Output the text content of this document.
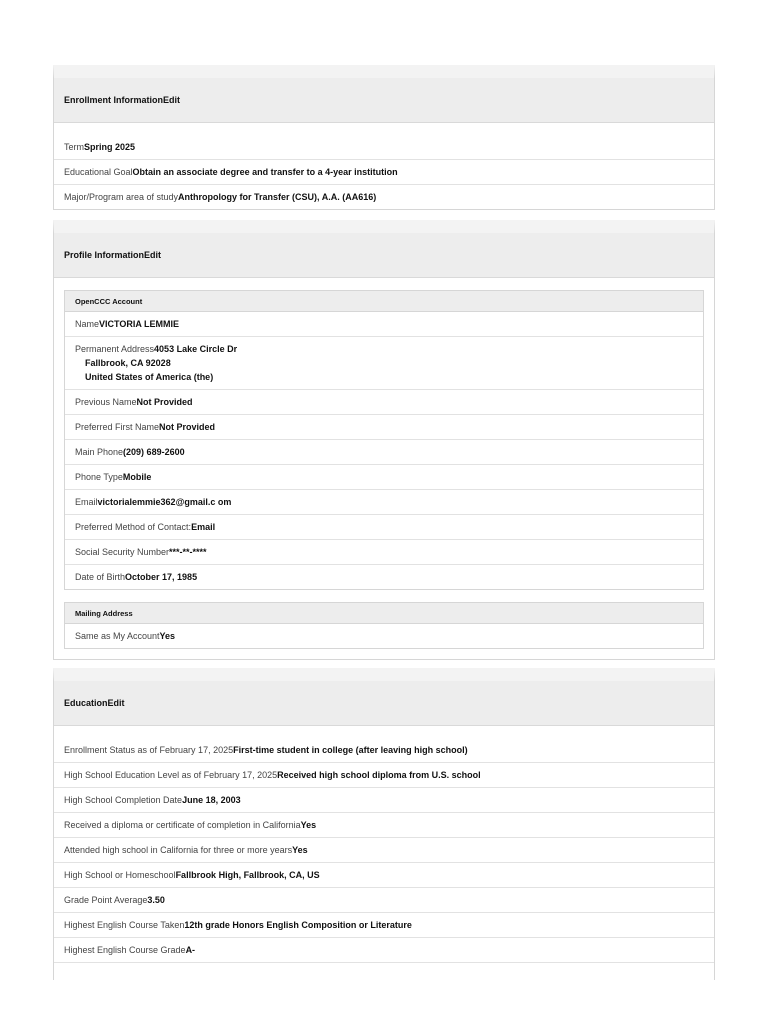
Enrollment Information Edit
Term Spring 2025
Educational Goal Obtain an associate degree and transfer to a 4-year institution
Major/Program area of study Anthropology for Transfer (CSU), A.A. (AA616)
Profile Information Edit
OpenCCC Account
Name VICTORIA LEMMIE
Permanent Address4053 Lake Circle Dr
Fallbrook, CA 92028
United States of America (the)
Previous Name Not Provided
Preferred First Name Not Provided
Main Phone (209) 689-2600
Phone Type Mobile
Email victorialemmie362@gmail.c om
Preferred Method of Contact: Email
Social Security Number ***-**-****
Date of Birth October 17, 1985
Mailing Address
Same as My Account Yes
Education Edit
Enrollment Status as of February 17, 2025 First-time student in college (after leaving high school)
High School Education Level as of February 17, 2025 Received high school diploma from U.S. school
High School Completion Date June 18, 2003
Received a diploma or certificate of completion in California Yes
Attended high school in California for three or more years Yes
High School or Homeschool Fallbrook High, Fallbrook, CA, US
Grade Point Average 3.50
Highest English Course Taken 12th grade Honors English Composition or Literature
Highest English Course Grade A-
